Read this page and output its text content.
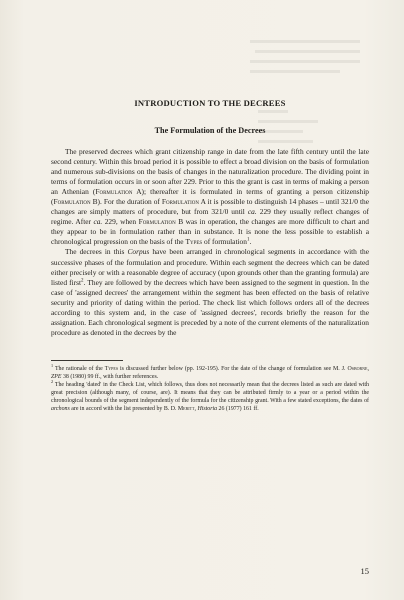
INTRODUCTION TO THE DECREES
The Formulation of the Decrees

The preserved decrees which grant citizenship range in date from the late fifth century until the late second century. Within this broad period it is possible to effect a broad division on the basis of formulation and numerous sub-divisions on the basis of changes in the naturalization procedure. The dividing point in terms of formulation occurs in or soon after 229. Prior to this the grant is cast in terms of making a person an Athenian (Formulation A); thereafter it is formulated in terms of granting a person citizenship (Formulation B). For the duration of Formulation A it is possible to distinguish 14 phases – until 321/0 the changes are simply matters of procedure, but from 321/0 until ca. 229 they usually reflect changes of regime. After ca. 229, when Formulation B was in operation, the changes are more difficult to chart and they appear to be in formulation rather than in substance. It is none the less possible to establish a chronological progression on the basis of the Types of formulation$^1$.

The decrees in this Corpus have been arranged in chronological segments in accordance with the successive phases of the formulation and procedure. Within each segment the decrees which can be dated either precisely or with a reasonable degree of accuracy (upon grounds other than the granting formula) are listed first$^2$. They are followed by the decrees which have been assigned to the segment in question. In the case of 'assigned decrees' the arrangement within the segment has been effected on the basis of relative security and priority of dating within the period. The check list which follows orders all of the decrees according to this system and, in the case of 'assigned decrees', records briefly the reason for the assignation. Each chronological segment is preceded by a note of the current elements of the naturalization procedure as denoted in the decrees by the

$^1$ The rationale of the Types is discussed further below (pp. 192-195). For the date of the change of formulation see M. J. Osborne, ZPE 38 (1980) 99 ff., with further references.

$^2$ The heading 'dated' in the Check List, which follows, thus does not necessarily mean that the decrees listed as such are dated with great precision (although many, of course, are). It means that they can be attributed firmly to a year or a period within the chronological bounds of the segment independently of the formula for the citizenship grant. With a few stated exceptions, the dates of archons are in accord with the list presented by B. D. Meritt, Historia 26 (1977) 161 ff.

15
